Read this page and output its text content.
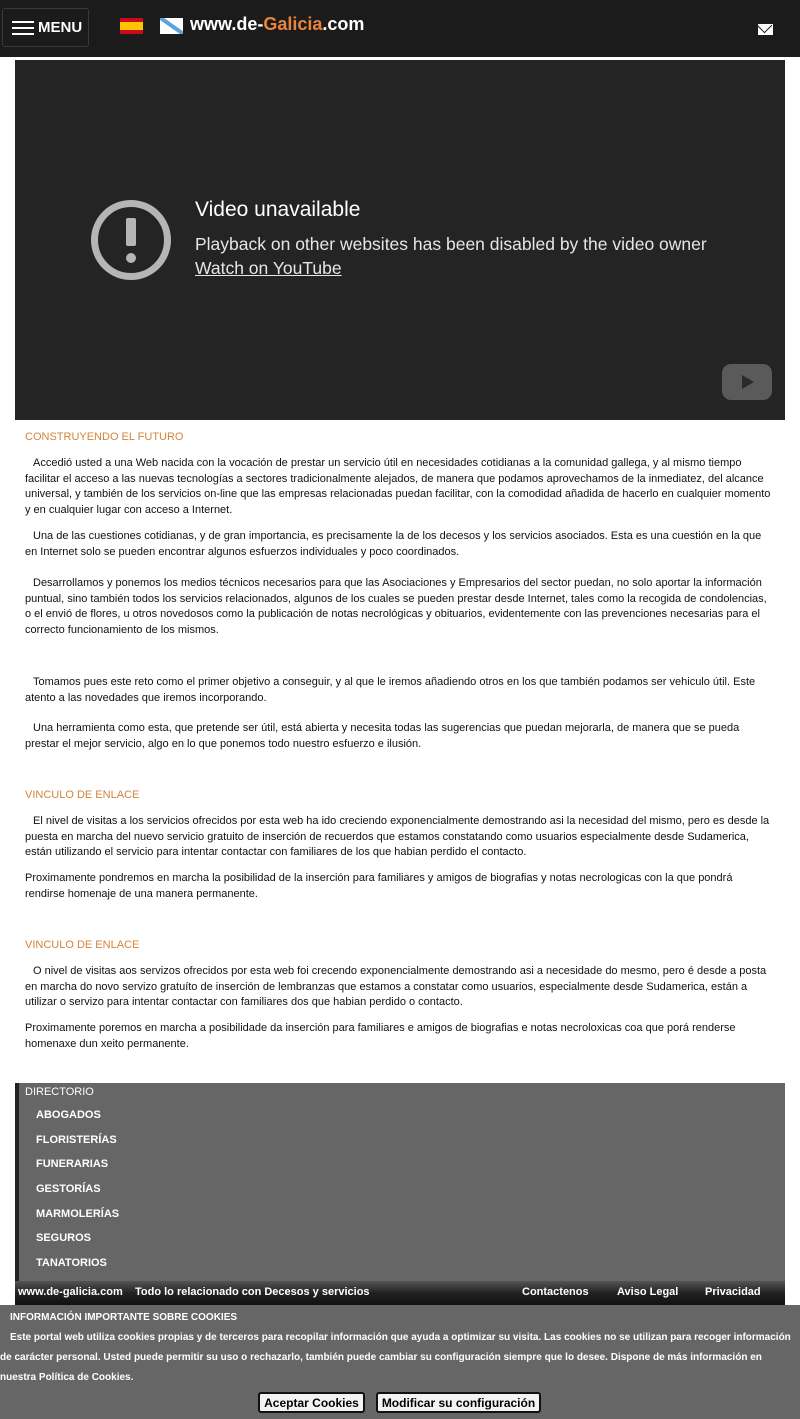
MENU	www.de-Galicia.com
Video unavailable
Playback on other websites has been disabled by the video owner
Watch on YouTube
CONSTRUYENDO EL FUTURO
Accedió usted a una Web nacida con la vocación de prestar un servicio útil en necesidades cotidianas a la comunidad gallega, y al mismo tiempo facilitar el acceso a las nuevas tecnologías a sectores tradicionalmente alejados, de manera que podamos aprovechamos de la inmediatez, del alcance universal, y también de los servicios on-line que las empresas relacionadas puedan facilitar, con la comodidad añadida de hacerlo en cualquier momento y en cualquier lugar con acceso a Internet.
Una de las cuestiones cotidianas, y de gran importancia, es precisamente la de los decesos y los servicios asociados. Esta es una cuestión en la que en Internet solo se pueden encontrar algunos esfuerzos individuales y poco coordinados.
Desarrollamos y ponemos los medios técnicos necesarios para que las Asociaciones y Empresarios del sector puedan, no solo aportar la información puntual, sino también todos los servicios relacionados, algunos de los cuales se pueden prestar desde Internet, tales como la recogida de condolencias, o el envió de flores, u otros novedosos como la publicación de notas necrológicas y obituarios, evidentemente con las prevenciones necesarias para el correcto funcionamiento de los mismos.
Tomamos pues este reto como el primer objetivo a conseguir, y al que le iremos añadiendo otros en los que también podamos ser vehiculo útil. Este atento a las novedades que iremos incorporando.
Una herramienta como esta, que pretende ser útil, está abierta y necesita todas las sugerencias que puedan mejorarla, de manera que se pueda prestar el mejor servicio, algo en lo que ponemos todo nuestro esfuerzo e ilusión.
VINCULO DE ENLACE
El nivel de visitas a los servicios ofrecidos por esta web ha ido creciendo exponencialmente demostrando asi la necesidad del mismo, pero es desde la puesta en marcha del nuevo servicio gratuito de inserción de recuerdos que estamos constatando como usuarios especialmente desde Sudamerica, están utilizando el servicio para intentar contactar con familiares de los que habian perdido el contacto.
Proximamente pondremos en marcha la posibilidad de la inserción para familiares y amigos de biografias y notas necrologicas con la que pondrá rendirse homenaje de una manera permanente.
VINCULO DE ENLACE
O nivel de visitas aos servizos ofrecidos por esta web foi crecendo exponencialmente demostrando asi a necesidade do mesmo, pero é desde a posta en marcha do novo servizo gratuíto de inserción de lembranzas que estamos a constatar como usuarios, especialmente desde Sudamerica, están a utilizar o servizo para intentar contactar con familiares dos que habian perdido o contacto.
Proximamente poremos en marcha a posibilidade da inserción para familiares e amigos de biografias e notas necroloxicas coa que porá renderse homenaxe dun xeito permanente.
DIRECTORIO
ABOGADOS
FLORISTERÍAS
FUNERARIAS
GESTORÍAS
MARMOLERÍAS
SEGUROS
TANATORIOS
www.de-galicia.com Todo lo relacionado con Decesos y servicios	Contactenos	Aviso Legal Privacidad
INFORMACIÓN IMPORTANTE SOBRE COOKIES
Este portal web utiliza cookies propias y de terceros para recopilar información que ayuda a optimizar su visita. Las cookies no se utilizan para recoger información de carácter personal. Usted puede permitir su uso o rechazarlo, también puede cambiar su configuración siempre que lo desee. Dispone de más información en nuestra Política de Cookies.
Aceptar Cookies	Modificar su configuración
